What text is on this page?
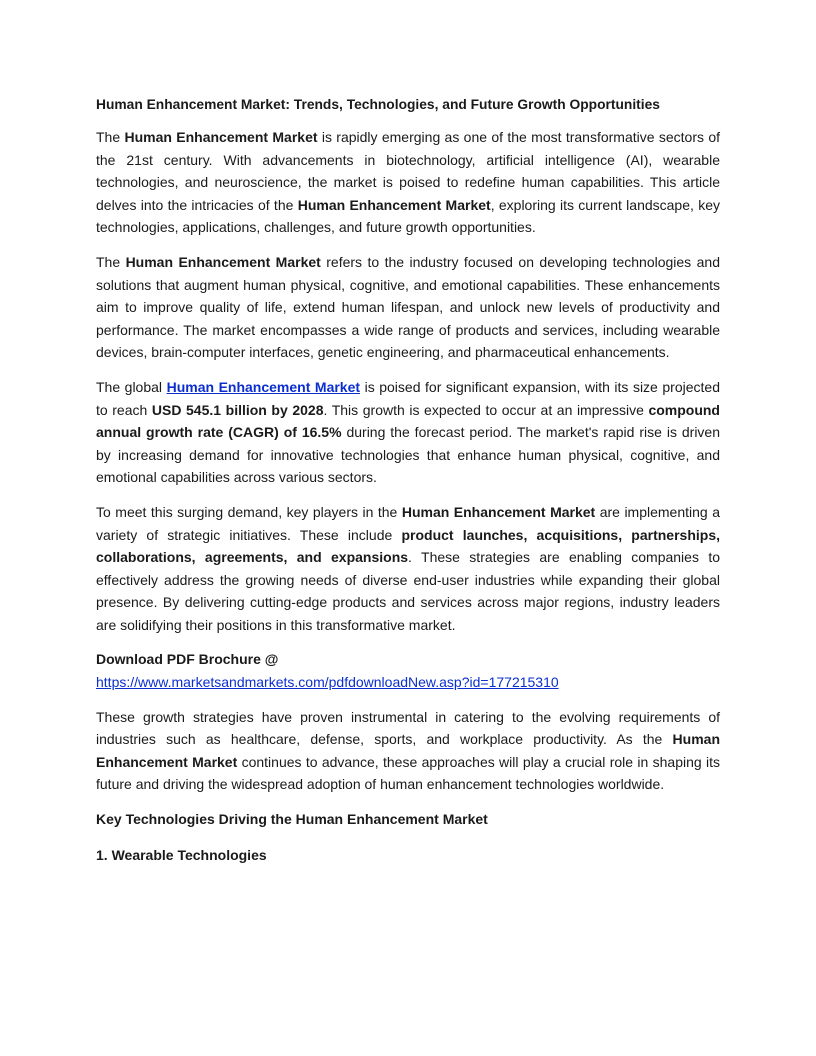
Human Enhancement Market: Trends, Technologies, and Future Growth Opportunities

The Human Enhancement Market is rapidly emerging as one of the most transformative sectors of the 21st century. With advancements in biotechnology, artificial intelligence (AI), wearable technologies, and neuroscience, the market is poised to redefine human capabilities. This article delves into the intricacies of the Human Enhancement Market, exploring its current landscape, key technologies, applications, challenges, and future growth opportunities.

The Human Enhancement Market refers to the industry focused on developing technologies and solutions that augment human physical, cognitive, and emotional capabilities. These enhancements aim to improve quality of life, extend human lifespan, and unlock new levels of productivity and performance. The market encompasses a wide range of products and services, including wearable devices, brain-computer interfaces, genetic engineering, and pharmaceutical enhancements.

The global Human Enhancement Market is poised for significant expansion, with its size projected to reach USD 545.1 billion by 2028. This growth is expected to occur at an impressive compound annual growth rate (CAGR) of 16.5% during the forecast period. The market's rapid rise is driven by increasing demand for innovative technologies that enhance human physical, cognitive, and emotional capabilities across various sectors.

To meet this surging demand, key players in the Human Enhancement Market are implementing a variety of strategic initiatives. These include product launches, acquisitions, partnerships, collaborations, agreements, and expansions. These strategies are enabling companies to effectively address the growing needs of diverse end-user industries while expanding their global presence. By delivering cutting-edge products and services across major regions, industry leaders are solidifying their positions in this transformative market.

Download PDF Brochure @
https://www.marketsandmarkets.com/pdfdownloadNew.asp?id=177215310

These growth strategies have proven instrumental in catering to the evolving requirements of industries such as healthcare, defense, sports, and workplace productivity. As the Human Enhancement Market continues to advance, these approaches will play a crucial role in shaping its future and driving the widespread adoption of human enhancement technologies worldwide.

Key Technologies Driving the Human Enhancement Market
1. Wearable Technologies
